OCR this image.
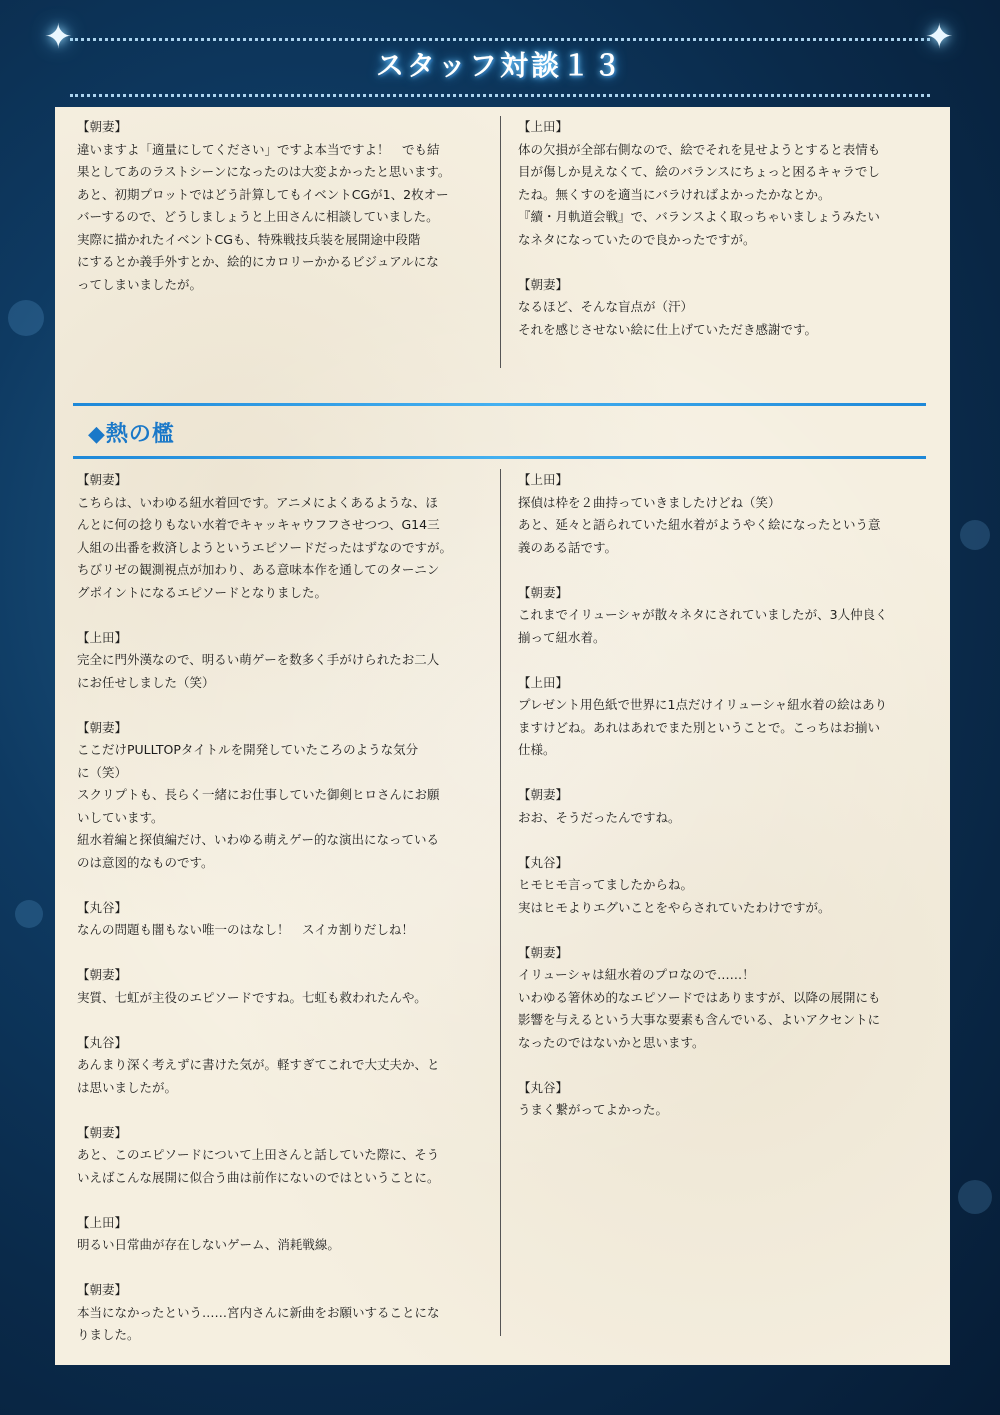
✦	✦
スタッフ対談１３

【朝妻】

違いますよ「適量にしてください」ですよ本当ですよ！　でも結

果としてあのラストシーンになったのは大変よかったと思います。

あと、初期プロットではどう計算してもイベントCGが1、2枚オー

バーするので、どうしましょうと上田さんに相談していました。

実際に描かれたイベントCGも、特殊戦技兵装を展開途中段階

にするとか義手外すとか、絵的にカロリーかかるビジュアルにな

ってしまいましたが。

【上田】

体の欠損が全部右側なので、絵でそれを見せようとすると表情も

目が傷しか見えなくて、絵のバランスにちょっと困るキャラでし

たね。無くすのを適当にバラければよかったかなとか。

『續・月軌道会戦』で、バランスよく取っちゃいましょうみたい

なネタになっていたので良かったですが。

【朝妻】

なるほど、そんな盲点が（汗）

それを感じさせない絵に仕上げていただき感謝です。

◆熱の檻

【朝妻】

こちらは、いわゆる紐水着回です。アニメによくあるような、ほ

んとに何の捻りもない水着でキャッキャウフフさせつつ、G14三

人組の出番を救済しようというエピソードだったはずなのですが。

ちびリゼの観測視点が加わり、ある意味本作を通してのターニン

グポイントになるエピソードとなりました。

【上田】

完全に門外漢なので、明るい萌ゲーを数多く手がけられたお二人

にお任せしました（笑）

【朝妻】

ここだけPULLTOPタイトルを開発していたころのような気分

に（笑）

スクリプトも、長らく一緒にお仕事していた御剣ヒロさんにお願

いしています。

紐水着編と探偵編だけ、いわゆる萌えゲー的な演出になっている

のは意図的なものです。

【丸谷】

なんの問題も闇もない唯一のはなし！　スイカ割りだしね！

【朝妻】

実質、七虹が主役のエピソードですね。七虹も救われたんや。

【丸谷】

あんまり深く考えずに書けた気が。軽すぎてこれで大丈夫か、と

は思いましたが。

【朝妻】

あと、このエピソードについて上田さんと話していた際に、そう

いえばこんな展開に似合う曲は前作にないのではということに。

【上田】

明るい日常曲が存在しないゲーム、消耗戦線。

【朝妻】

本当になかったという……宮内さんに新曲をお願いすることにな

りました。

【上田】

探偵は枠を２曲持っていきましたけどね（笑）

あと、延々と語られていた紐水着がようやく絵になったという意

義のある話です。

【朝妻】

これまでイリューシャが散々ネタにされていましたが、3人仲良く

揃って紐水着。

【上田】

プレゼント用色紙で世界に1点だけイリューシャ紐水着の絵はあり

ますけどね。あれはあれでまた別ということで。こっちはお揃い

仕様。

【朝妻】

おお、そうだったんですね。

【丸谷】

ヒモヒモ言ってましたからね。

実はヒモよりエグいことをやらされていたわけですが。

【朝妻】

イリューシャは紐水着のプロなので……！

いわゆる箸休め的なエピソードではありますが、以降の展開にも

影響を与えるという大事な要素も含んでいる、よいアクセントに

なったのではないかと思います。

【丸谷】

うまく繋がってよかった。
